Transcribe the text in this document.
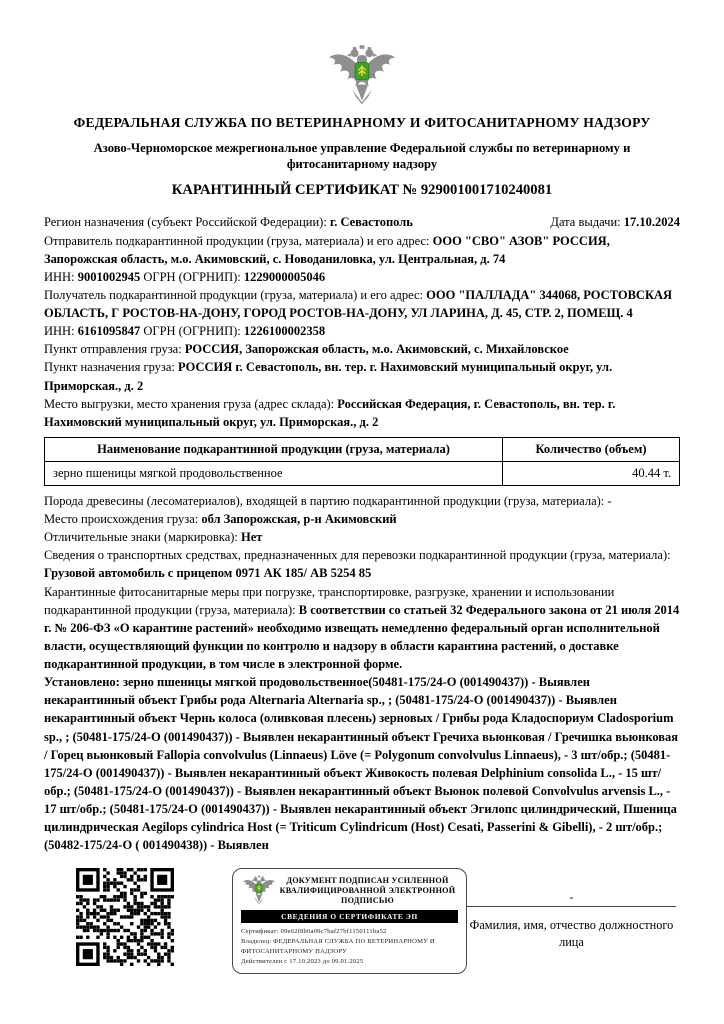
ФЕДЕРАЛЬНАЯ СЛУЖБА ПО ВЕТЕРИНАРНОМУ И ФИТОСАНИТАРНОМУ НАДЗОРУ
Азово-Черноморское межрегиональное управление Федеральной службы по ветеринарному и фитосанитарному надзору
КАРАНТИННЫЙ СЕРТИФИКАТ № 929001001710240081

Регион назначения (субъект Российской Федерации): г. Севастополь	Дата выдачи: 17.10.2024

Отправитель подкарантинной продукции (груза, материала) и его адрес: ООО "СВО" АЗОВ" РОССИЯ, Запорожская область, м.о. Акимовский, с. Новоданиловка, ул. Центральная, д. 74

ИНН: 9001002945 ОГРН (ОГРНИП): 1229000005046

Получатель подкарантинной продукции (груза, материала) и его адрес: ООО "ПАЛЛАДА" 344068, РОСТОВСКАЯ ОБЛАСТЬ, Г РОСТОВ-НА-ДОНУ, ГОРОД РОСТОВ-НА-ДОНУ, УЛ ЛАРИНА, Д. 45, СТР. 2, ПОМЕЩ. 4

ИНН: 6161095847 ОГРН (ОГРНИП): 1226100002358

Пункт отправления груза: РОССИЯ, Запорожская область, м.о. Акимовский, с. Михайловское

Пункт назначения груза: РОССИЯ г. Севастополь, вн. тер. г. Нахимовский муниципальный округ, ул. Приморская., д. 2

Место выгрузки, место хранения груза (адрес склада): Российская Федерация, г. Севастополь, вн. тер. г. Нахимовский муниципальный округ, ул. Приморская., д. 2

Наименование подкарантинной продукции (груза, материала)	Количество (объем)
зерно пшеницы мягкой продовольственное	40.44 т.

Порода древесины (лесоматериалов), входящей в партию подкарантинной продукции (груза, материала): -

Место происхождения груза: обл Запорожская, р-н Акимовский

Отличительные знаки (маркировка): Нет

Сведения о транспортных средствах, предназначенных для перевозки подкарантинной продукции (груза, материала): Грузовой автомобиль с прицепом 0971 АК 185/ АВ 5254 85

Карантинные фитосанитарные меры при погрузке, транспортировке, разгрузке, хранении и использовании подкарантинной продукции (груза, материала): В соответствии со статьей 32 Федерального закона от 21 июля 2014 г. № 206-ФЗ «О карантине растений» необходимо извещать немедленно федеральный орган исполнительной власти, осуществляющий функции по контролю и надзору в области карантина растений, о доставке подкарантинной продукции, в том числе в электронной форме.

Установлено: зерно пшеницы мягкой продовольственное(50481-175/24-О (001490437)) - Выявлен некарантинный объект Грибы рода Alternaria Alternaria sp., ; (50481-175/24-О (001490437)) - Выявлен некарантинный объект Чернь колоса (оливковая плесень) зерновых / Грибы рода Кладоспориум Cladosporium sp., ; (50481-175/24-О (001490437)) - Выявлен некарантинный объект Гречиха вьюнковая / Гречишка вьюнковая / Горец вьюнковый Fallopia convolvulus (Linnaeus) Löve (= Polygonum convolvulus Linnaeus), - 3 шт/обр.; (50481-175/24-О (001490437)) - Выявлен некарантинный объект Живокость полевая Delphinium consolida L., - 15 шт/обр.; (50481-175/24-О (001490437)) - Выявлен некарантинный объект Вьюнок полевой Convolvulus arvensis L., - 17 шт/обр.; (50481-175/24-О (001490437)) - Выявлен некарантинный объект Эгилопс цилиндрический, Пшеница цилиндрическая Aegilops cylindrica Host (= Triticum Cylindricum (Host) Cesati, Passerini & Gibelli), - 2 шт/обр.; (50482-175/24-О ( 001490438)) - Выявлен

ДОКУМЕНТ ПОДПИСАН УСИЛЕННОЙ КВАЛИФИЦИРОВАННОЙ ЭЛЕКТРОННОЙ ПОДПИСЬЮ
СВЕДЕНИЯ О СЕРТИФИКАТЕ ЭП
Сертификат: 09e62f8b0a09c7baf27bf1150111ba52
Владелец: ФЕДЕРАЛЬНАЯ СЛУЖБА ПО ВЕТЕРИНАРНОМУ И ФИТОСАНИТАРНОМУ НАДЗОРУ
Действителен с 17.10.2023 до 09.01.2025
-
Фамилия, имя, отчество должностного лица
